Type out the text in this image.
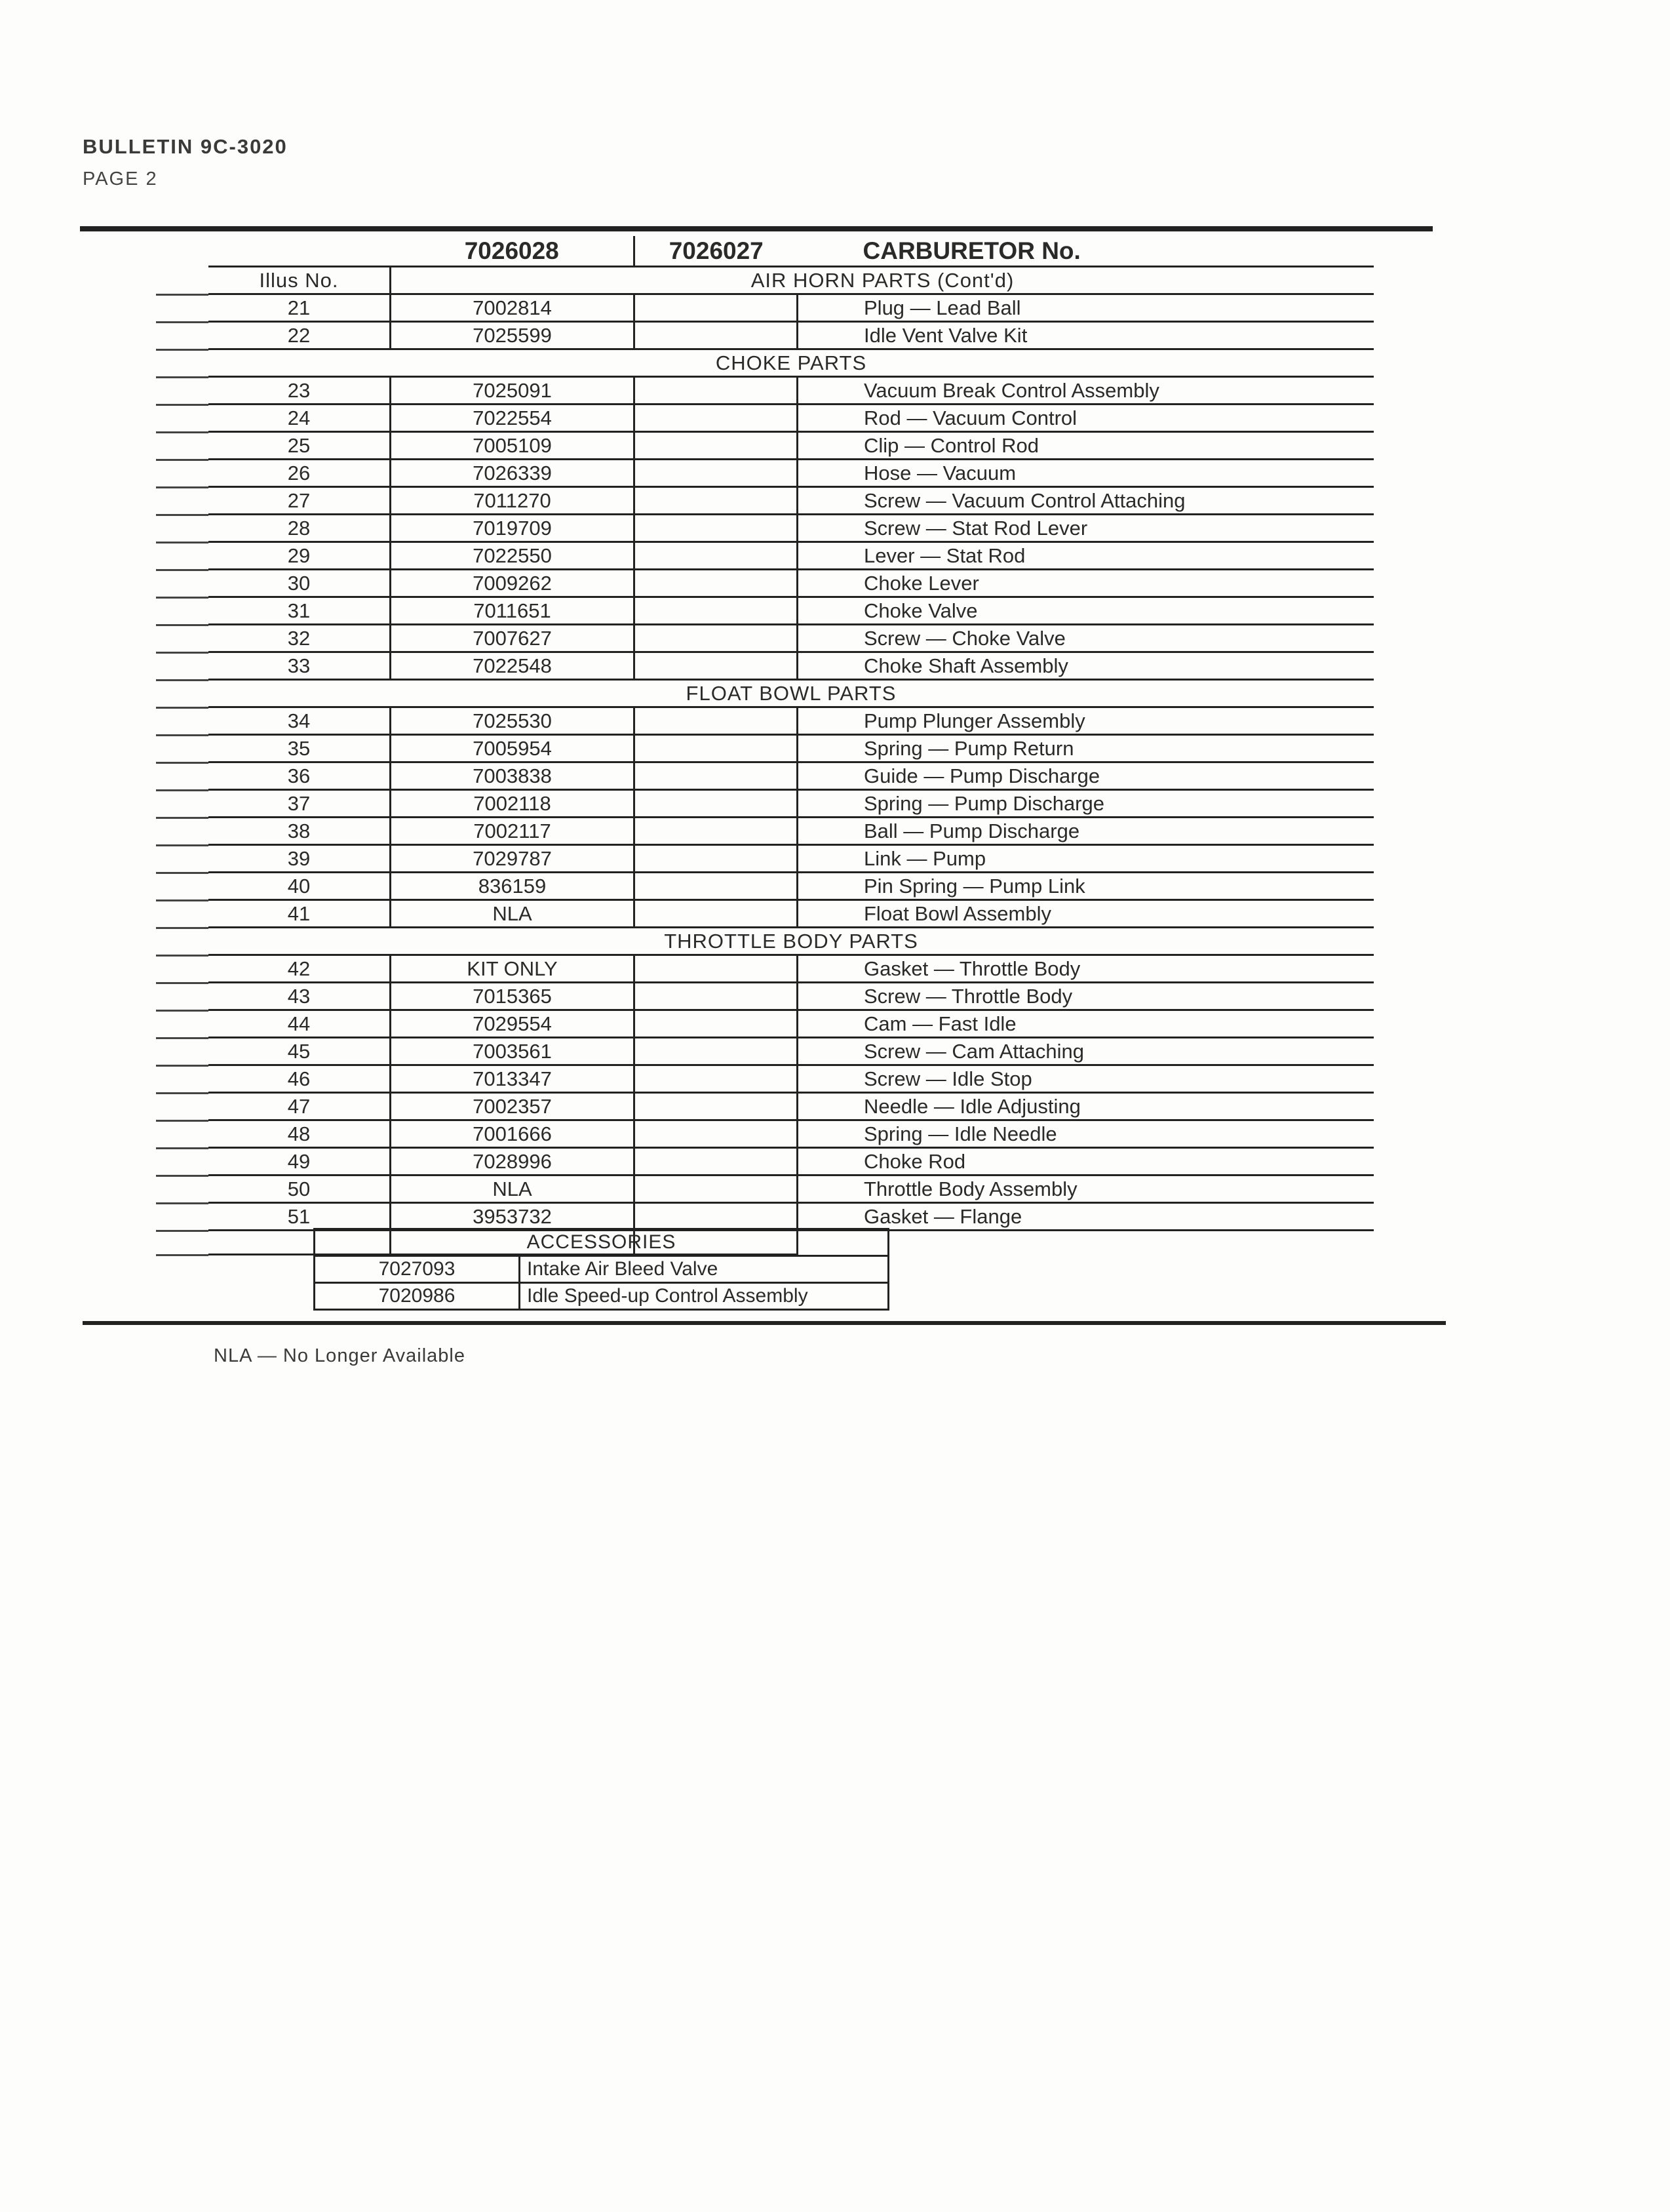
BULLETIN 9C-3020
PAGE 2
	7026028	7026027	CARBURETOR No.
Illus No.	AIR HORN PARTS (Cont'd)		
21	7002814		Plug — Lead Ball
22	7025599		Idle Vent Valve Kit
CHOKE PARTS			
23	7025091		Vacuum Break Control Assembly
24	7022554		Rod — Vacuum Control
25	7005109		Clip — Control Rod
26	7026339		Hose — Vacuum
27	7011270		Screw — Vacuum Control Attaching
28	7019709		Screw — Stat Rod Lever
29	7022550		Lever — Stat Rod
30	7009262		Choke Lever
31	7011651		Choke Valve
32	7007627		Screw — Choke Valve
33	7022548		Choke Shaft Assembly
FLOAT BOWL PARTS			
34	7025530		Pump Plunger Assembly
35	7005954		Spring — Pump Return
36	7003838		Guide — Pump Discharge
37	7002118		Spring — Pump Discharge
38	7002117		Ball — Pump Discharge
39	7029787		Link — Pump
40	836159		Pin Spring — Pump Link
41	NLA		Float Bowl Assembly
THROTTLE BODY PARTS			
42	KIT ONLY		Gasket — Throttle Body
43	7015365		Screw — Throttle Body
44	7029554		Cam — Fast Idle
45	7003561		Screw — Cam Attaching
46	7013347		Screw — Idle Stop
47	7002357		Needle — Idle Adjusting
48	7001666		Spring — Idle Needle
49	7028996		Choke Rod
50	NLA		Throttle Body Assembly
51	3953732		Gasket — Flange

ACCESSORIES	
7027093	Intake Air Bleed Valve
7020986	Idle Speed-up Control Assembly
NLA — No Longer Available
